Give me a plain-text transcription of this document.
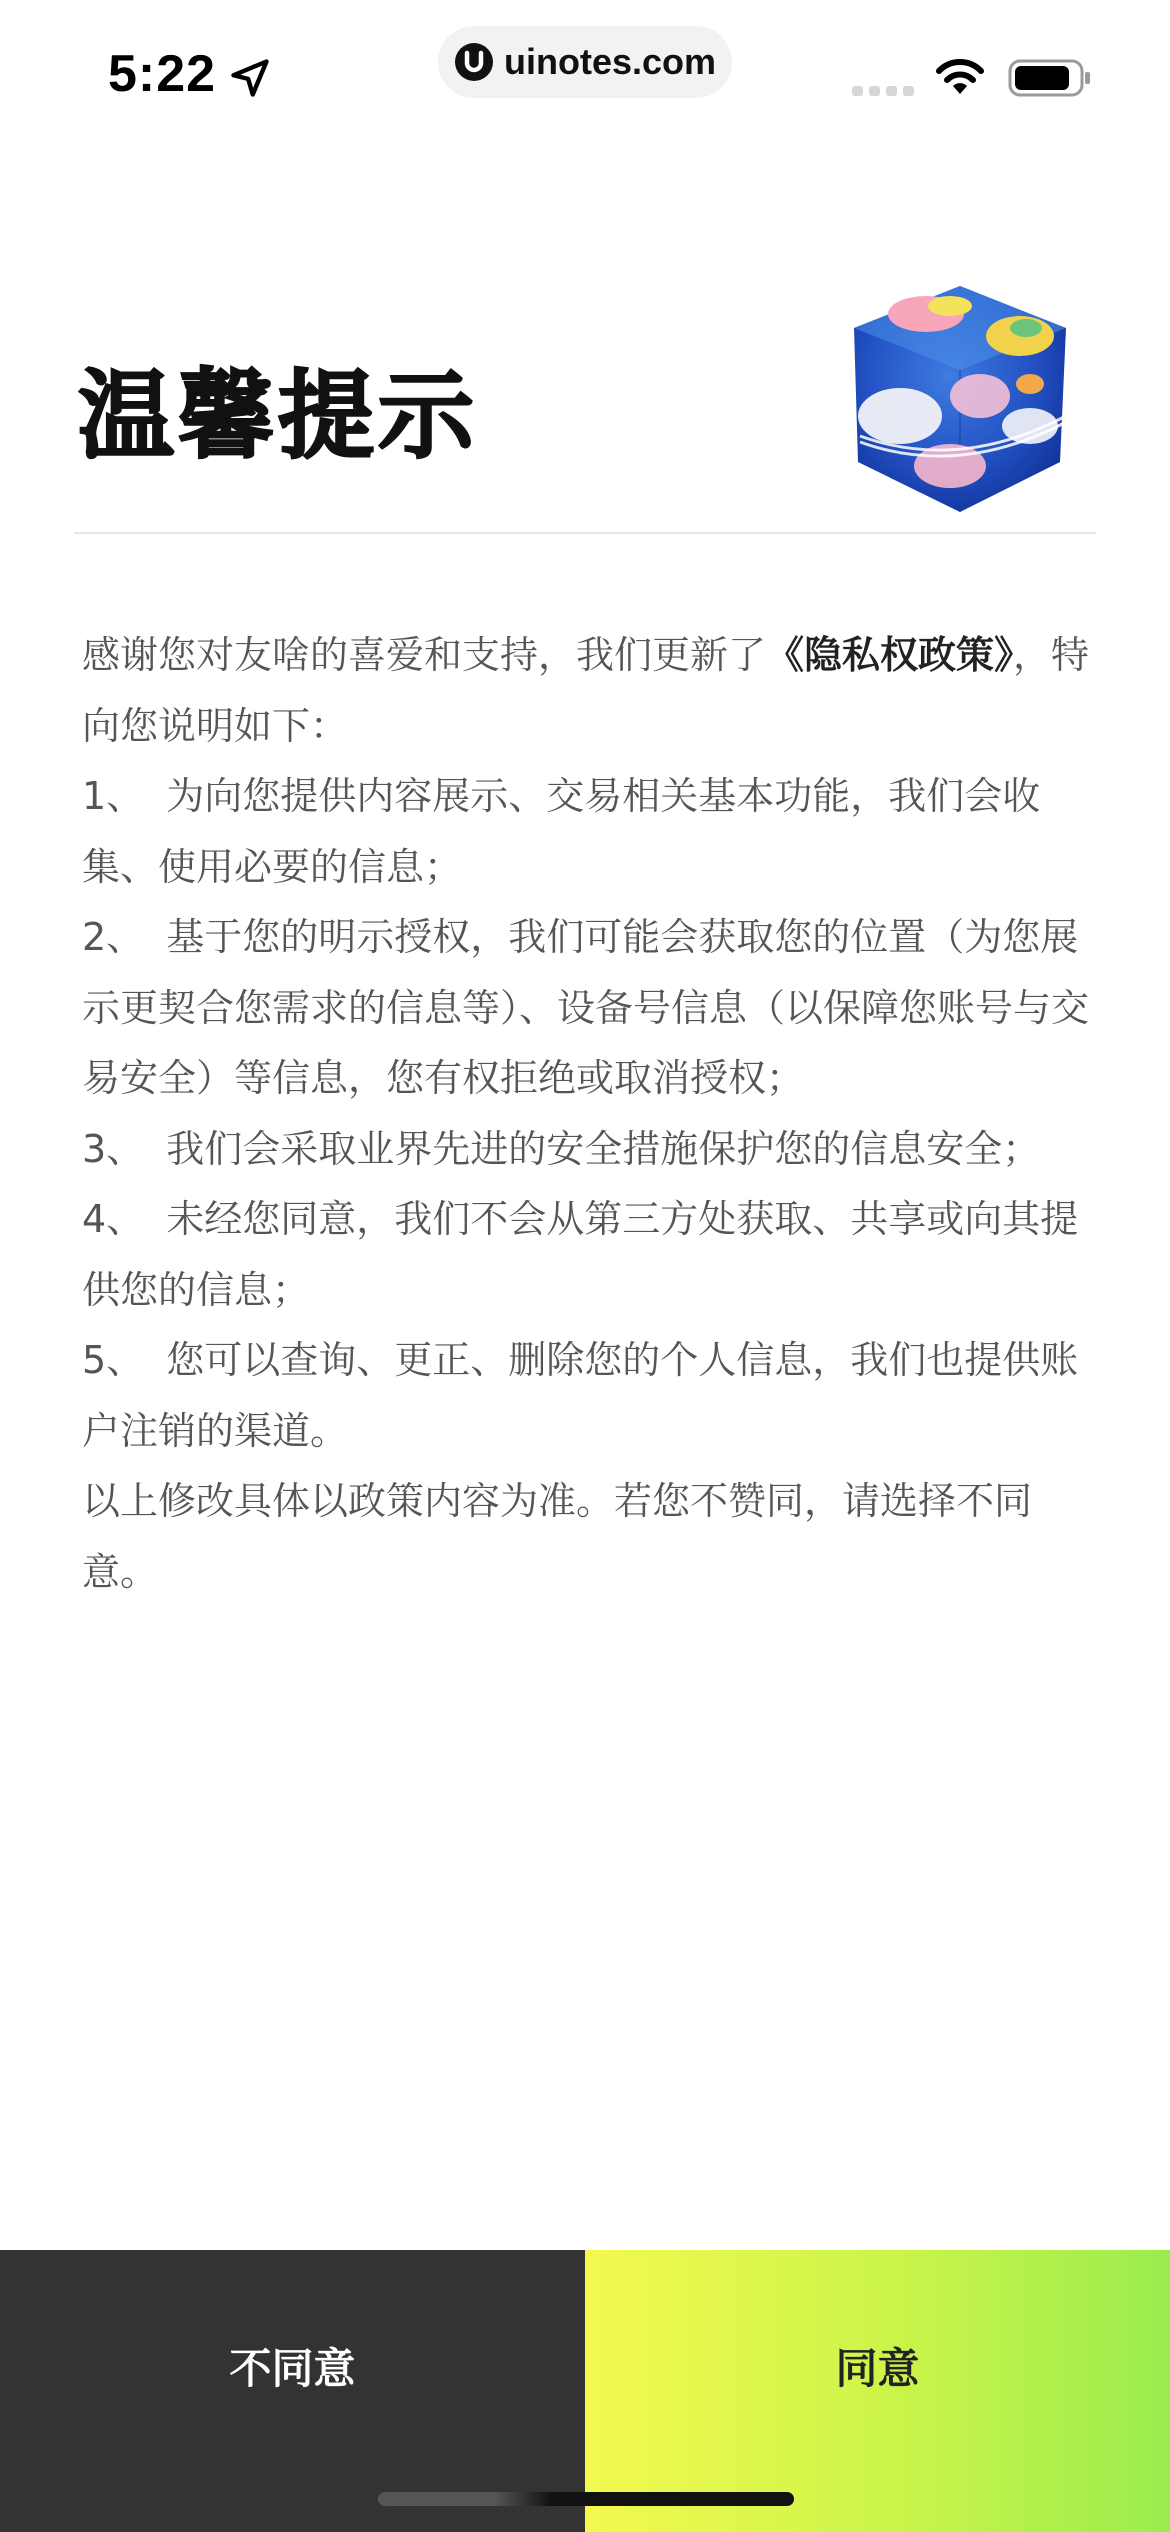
5:22	uinotes.com
温馨提示

感谢您对友啥的喜爱和支持，我们更新了《隐私权政策》，特向您说明如下：

1、 为向您提供内容展示、交易相关基本功能，我们会收集、使用必要的信息；

2、 基于您的明示授权，我们可能会获取您的位置（为您展示更契合您需求的信息等）、设备号信息（以保障您账号与交易安全）等信息，您有权拒绝或取消授权；

3、 我们会采取业界先进的安全措施保护您的信息安全；

4、 未经您同意，我们不会从第三方处获取、共享或向其提供您的信息；

5、 您可以查询、更正、删除您的个人信息，我们也提供账户注销的渠道。

以上修改具体以政策内容为准。若您不赞同，请选择不同意。

不同意	同意
